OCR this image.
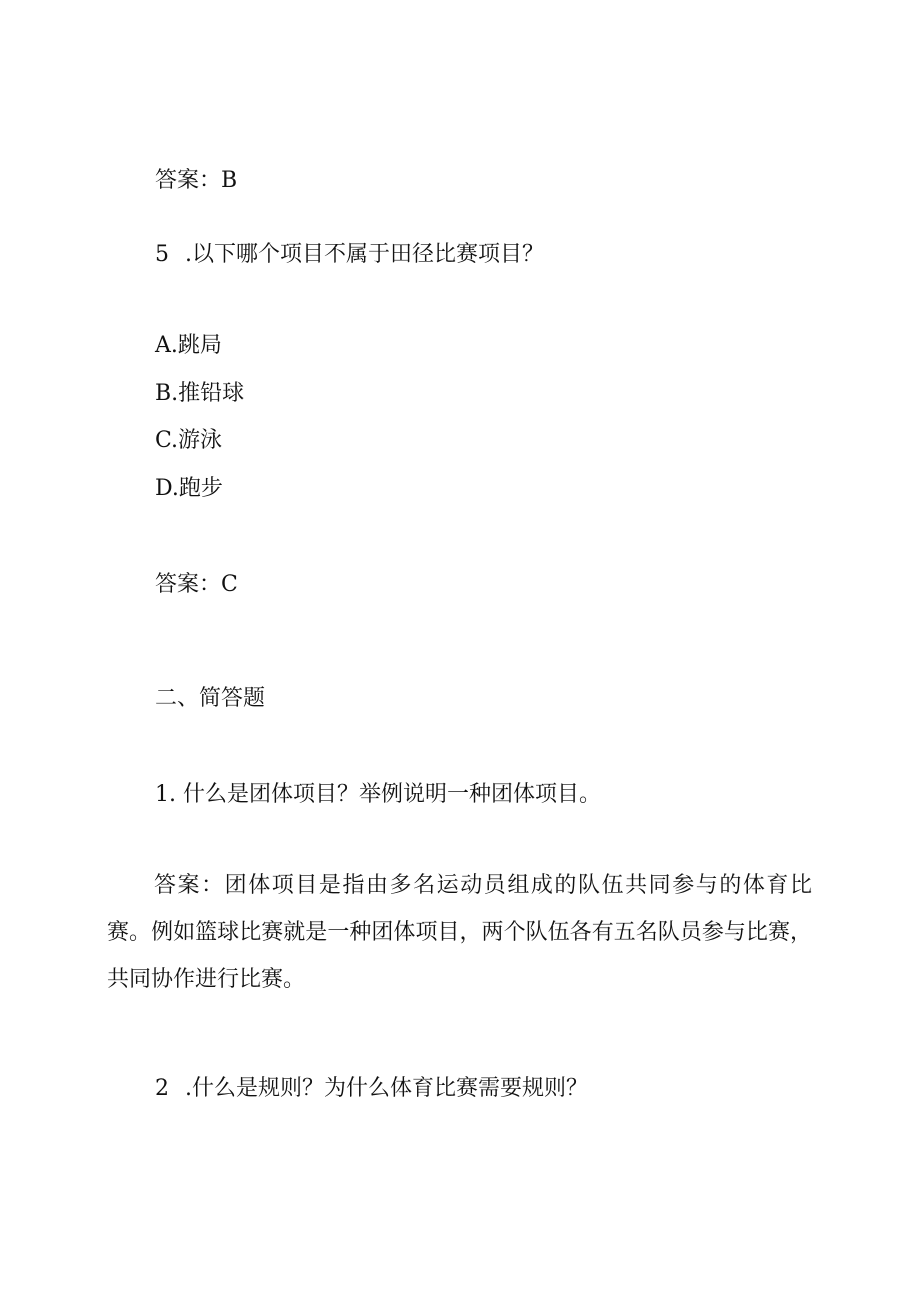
答案：B
5 .以下哪个项目不属于田径比赛项目？
A.跳局
B.推铅球
C.游泳
D.跑步
答案：C
二、简答题
1. 什么是团体项目？举例说明一种团体项目。
答案：团体项目是指由多名运动员组成的队伍共同参与的体育比赛。例如篮球比赛就是一种团体项目，两个队伍各有五名队员参与比赛，共同协作进行比赛。
2 .什么是规则？为什么体育比赛需要规则？
